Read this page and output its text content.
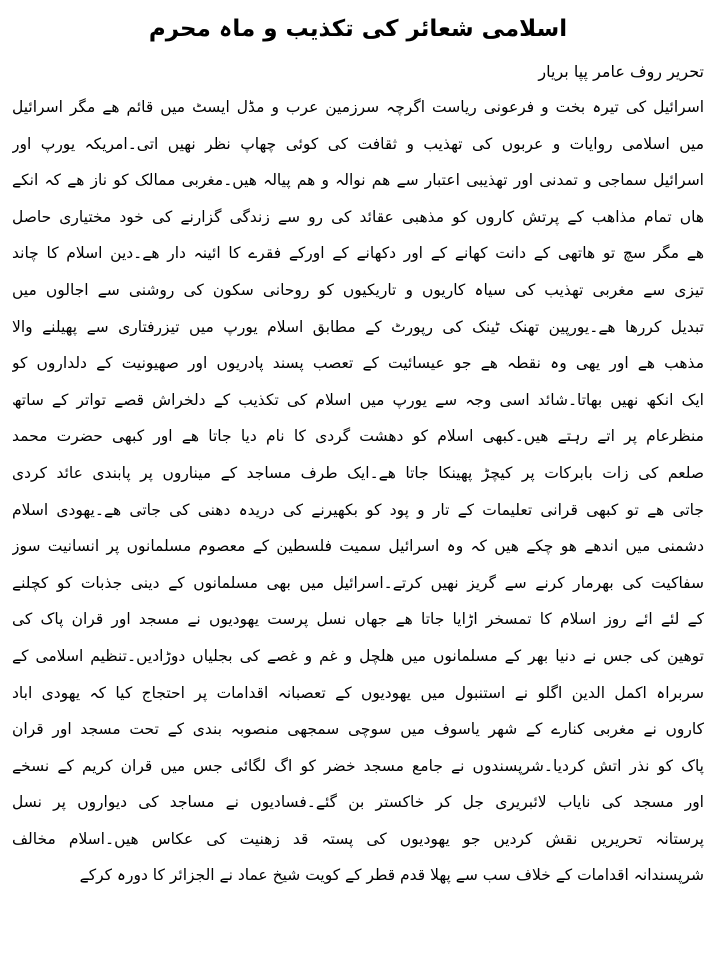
اسلامی شعائر کی تکذیب و ماہ محرم
تحریر روف عامر پپا بریار
اسرائیل کی تیرہ بخت و فرعونی ریاست اگرچہ سرزمین عرب و مڈل ایسٹ میں قائم ھے مگر اسرائیل
میں اسلامی روایات و عربوں کی تھذیب و ثقافت کی کوئی چھاپ نظر نھیں اتی۔امریکہ یورپ اور
اسرائیل سماجی و تمدنی اور تھذیبی اعتبار سے ھم نوالہ و ھم پیالہ ھیں۔مغربی ممالک کو ناز ھے کہ انکے
ھاں تمام مذاھب کے پرتش کاروں کو مذھبی عقائد کی رو سے زندگی گزارنے کی خود مختیاری حاصل
ھے مگر سچ تو ھاتھی کے دانت کھانے کے اور دکھانے کے اورکے فقرے کا ائینہ دار ھے۔دین اسلام کا چاند
تیزی سے مغربی تھذیب کی سیاہ کاریوں و تاریکیوں کو روحانی سکون کی روشنی سے اجالوں میں
تبدیل کررھا ھے۔یورپین تھنک ٹینک کی رپورٹ کے مطابق اسلام یورپ میں تیزرفتاری سے پھیلنے والا
مذھب ھے اور یھی وہ نقطہ ھے جو عیسائیت کے تعصب پسند پادریوں اور صھیونیت کے دلداروں کو
ایک انکھ نھیں بھاتا۔شائد اسی وجہ سے یورپ میں اسلام کی تکذیب کے دلخراش قصے تواتر کے ساتھ
منظرعام پر اتے رہتے ھیں۔کبھی اسلام کو دھشت گردی کا نام دیا جاتا ھے اور کبھی حضرت محمد
صلعم کی زات بابرکات پر کیچڑ پھینکا جاتا ھے۔ایک طرف مساجد کے میناروں پر پابندی عائد کردی
جاتی ھے تو کبھی قرانی تعلیمات کے تار و پود کو بکھیرنے کی دریدہ دھنی کی جاتی ھے۔یھودی اسلام
دشمنی میں اندھے ھو چکے ھیں کہ وہ اسرائیل سمیت فلسطین کے معصوم مسلمانوں پر انسانیت سوز
سفاکیت کی بھرمار کرنے سے گریز نھیں کرتے۔اسرائیل میں بھی مسلمانوں کے دینی جذبات کو کچلنے
کے لئے ائے روز اسلام کا تمسخر اڑایا جاتا ھے جھاں نسل پرست یھودیوں نے مسجد اور قران پاک کی
توھین کی جس نے دنیا بھر کے مسلمانوں میں ھلچل و غم و غصے کی بجلیاں دوڑادیں۔تنظیم اسلامی کے
سربراہ اکمل الدین اگلو نے استنبول میں یھودیوں کے تعصبانہ اقدامات پر احتجاج کیا کہ یھودی اباد
کاروں نے مغربی کنارے کے شھر یاسوف میں سوچی سمجھی منصوبہ بندی کے تحت مسجد اور قران
پاک کو نذر اتش کردیا۔شرپسندوں نے جامع مسجد خضر کو اگ لگائی جس میں قران کریم کے نسخے
اور مسجد کی نایاب لائبریری جل کر خاکستر بن گئے۔فسادیوں نے مساجد کی دیواروں پر نسل
پرستانہ تحریریں نقش کردیں جو یھودیوں کی پستہ قد زھنیت کی عکاس ھیں۔اسلام مخالف
شرپسندانہ اقدامات کے خلاف سب سے پھلا قدم قطر کے کویت شیخ عماد نے الجزائر کا دورہ کرکے
